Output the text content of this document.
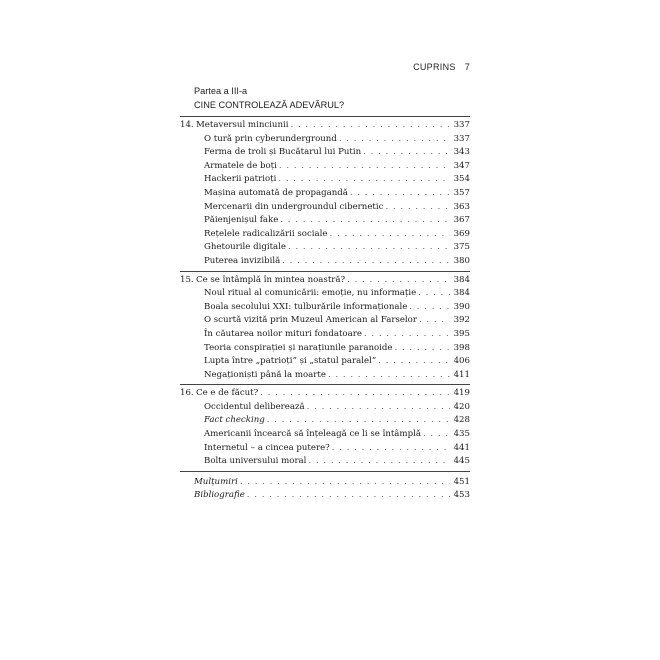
CUPRINS 7
Partea a III-a
CINE CONTROLEAZĂ ADEVĂRUL?
14. Metaversul minciunii . . .	337
O tură prin cyberunderground . . .	337
Ferma de troli și Bucătarul lui Putin . . .	343
Armatele de boți . . .	347
Hackerii patrioți . . .	354
Mașina automată de propagandă . . .	357
Mercenarii din undergroundul cibernetic . . .	363
Păienjenișul fake . . .	367
Rețelele radicalizării sociale . . .	369
Ghetourile digitale . . .	375
Puterea invizibilă . . .	380
15. Ce se întâmplă în mintea noastră? . . .	384
Noul ritual al comunicării: emoție, nu informație . . .	384
Boala secolului XXI: tulburările informaționale . . .	390
O scurtă vizită prin Muzeul American al Farselor . . .	392
În căutarea noilor mituri fondatoare . . .	395
Teoria conspirației și narațiunile paranoide . . .	398
Lupta între „patrioți” și „statul paralel” . . .	406
Negaționiști până la moarte . . .	411
16. Ce e de făcut? . . .	419
Occidentul deliberează . . .	420
Fact checking . . .	428
Americanii încearcă să înțeleagă ce li se întâmplă . . .	435
Internetul – a cincea putere? . . .	441
Bolta universului moral . . .	445
Mulțumiri . . .	451
Bibliografie . . .	453
